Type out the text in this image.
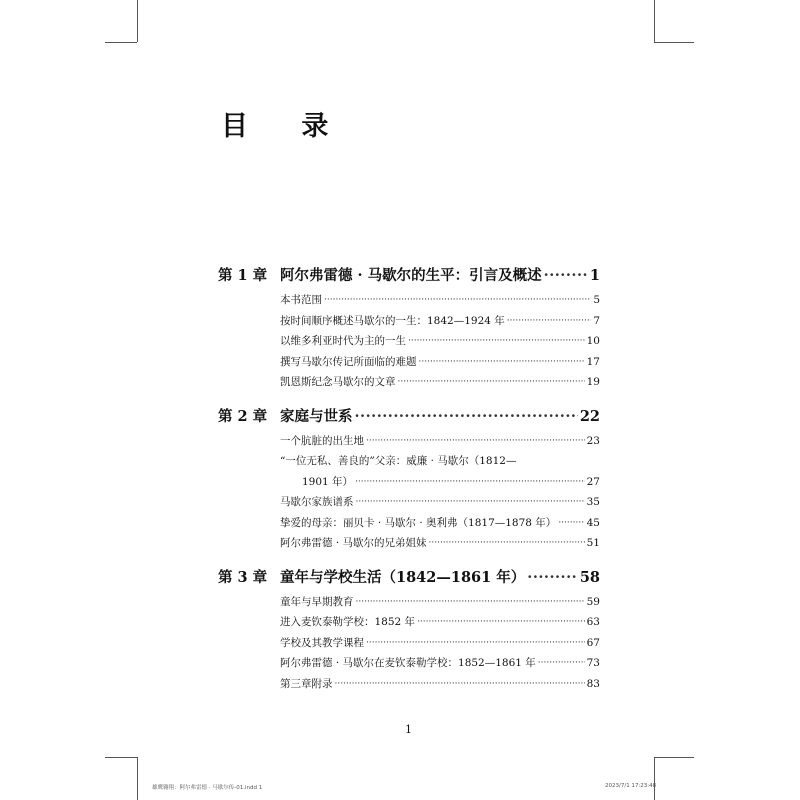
目 录
第 1 章 阿尔弗雷德 · 马歇尔的生平：引言及概述 ·····	1
本书范围 ·····	5
按时间顺序概述马歇尔的一生：1842—1924 年 ·····	7
以维多利亚时代为主的一生 ·····	10
撰写马歇尔传记所面临的难题 ·····	17
凯恩斯纪念马歇尔的文章 ·····	19
第 2 章 家庭与世系 ·····	22
一个肮脏的出生地 ·····	23
“一位无私、善良的”父亲：威廉 · 马歇尔（1812—
1901 年） ·····	27
马歇尔家族谱系 ·····	35
挚爱的母亲：丽贝卡 · 马歇尔 · 奥利弗（1817—1878 年） ·····	45
阿尔弗雷德 · 马歇尔的兄弟姐妹 ·····	51
第 3 章 童年与学校生活（1842—1861 年） ·····	58
童年与早期教育 ·····	59
进入麦钦泰勒学校：1852 年 ·····	63
学校及其教学课程 ·····	67
阿尔弗雷德 · 马歇尔在麦钦泰勒学校：1852—1861 年 ·····	73
第三章附录 ·····	83
1
雄鹰翱翔：阿尔弗雷德 · 马歇尔传-01.indd 1	2023/7/1 17:23:48
